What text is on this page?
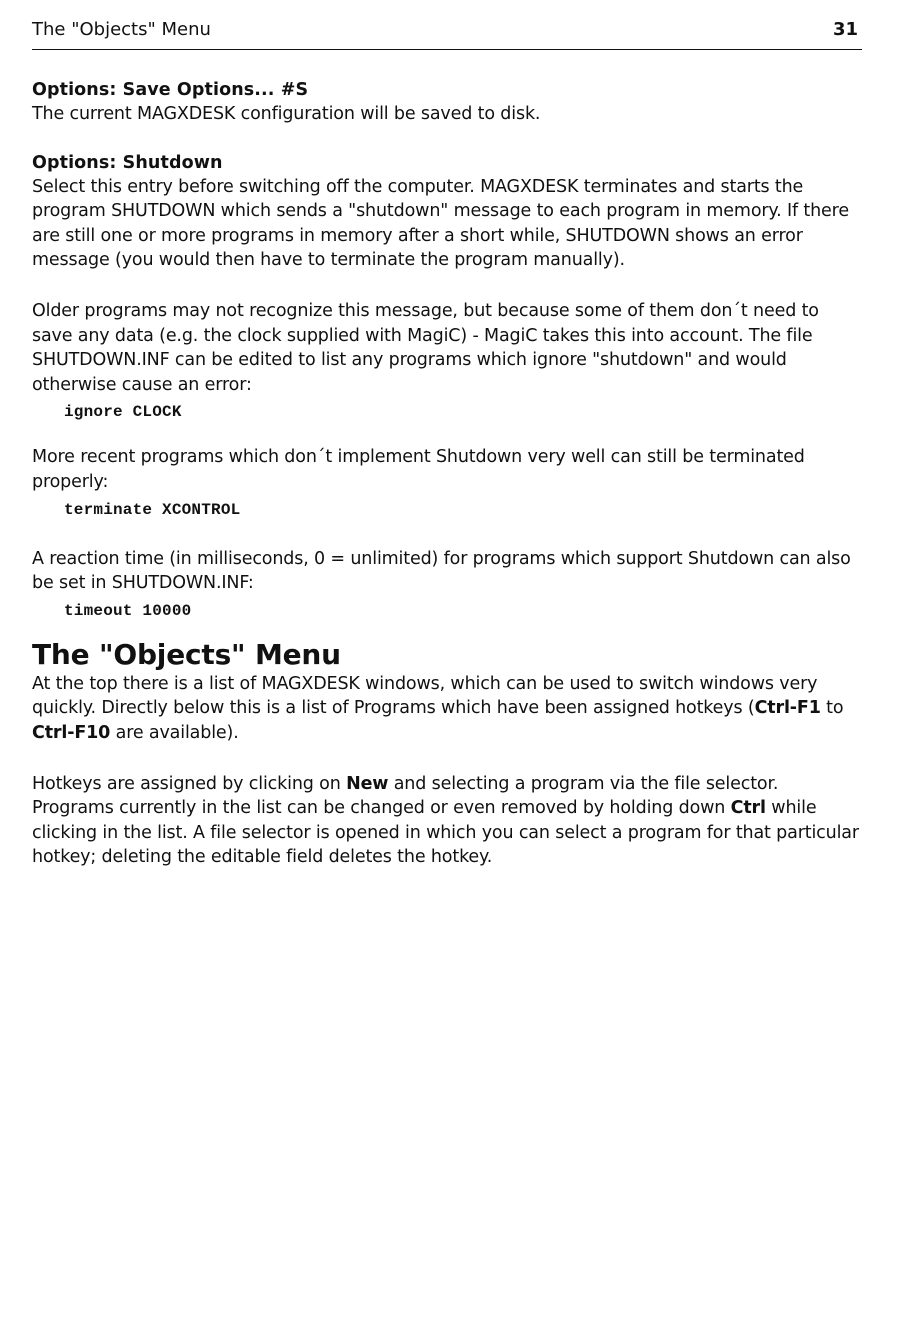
The "Objects" Menu	31
Options: Save Options... #S

The current MAGXDESK configuration will be saved to disk.

Options: Shutdown

Select this entry before switching off the computer. MAGXDESK terminates and starts the program SHUTDOWN which sends a "shutdown" message to each program in memory. If there are still one or more programs in memory after a short while, SHUTDOWN shows an error message (you would then have to terminate the program manually).

Older programs may not recognize this message, but because some of them don´t need to save any data (e.g. the clock supplied with MagiC) - MagiC takes this into account. The file SHUTDOWN.INF can be edited to list any programs which ignore "shutdown" and would otherwise cause an error:

ignore CLOCK

More recent programs which don´t implement Shutdown very well can still be terminated properly:

terminate XCONTROL

A reaction time (in milliseconds, 0 = unlimited) for programs which support Shutdown can also be set in SHUTDOWN.INF:

timeout 10000
The "Objects" Menu

At the top there is a list of MAGXDESK windows, which can be used to switch windows very quickly. Directly below this is a list of Programs which have been assigned hotkeys (Ctrl-F1 to Ctrl-F10 are available).

Hotkeys are assigned by clicking on New and selecting a program via the file selector. Programs currently in the list can be changed or even removed by holding down Ctrl while clicking in the list. A file selector is opened in which you can select a program for that particular hotkey; deleting the editable field deletes the hotkey.
